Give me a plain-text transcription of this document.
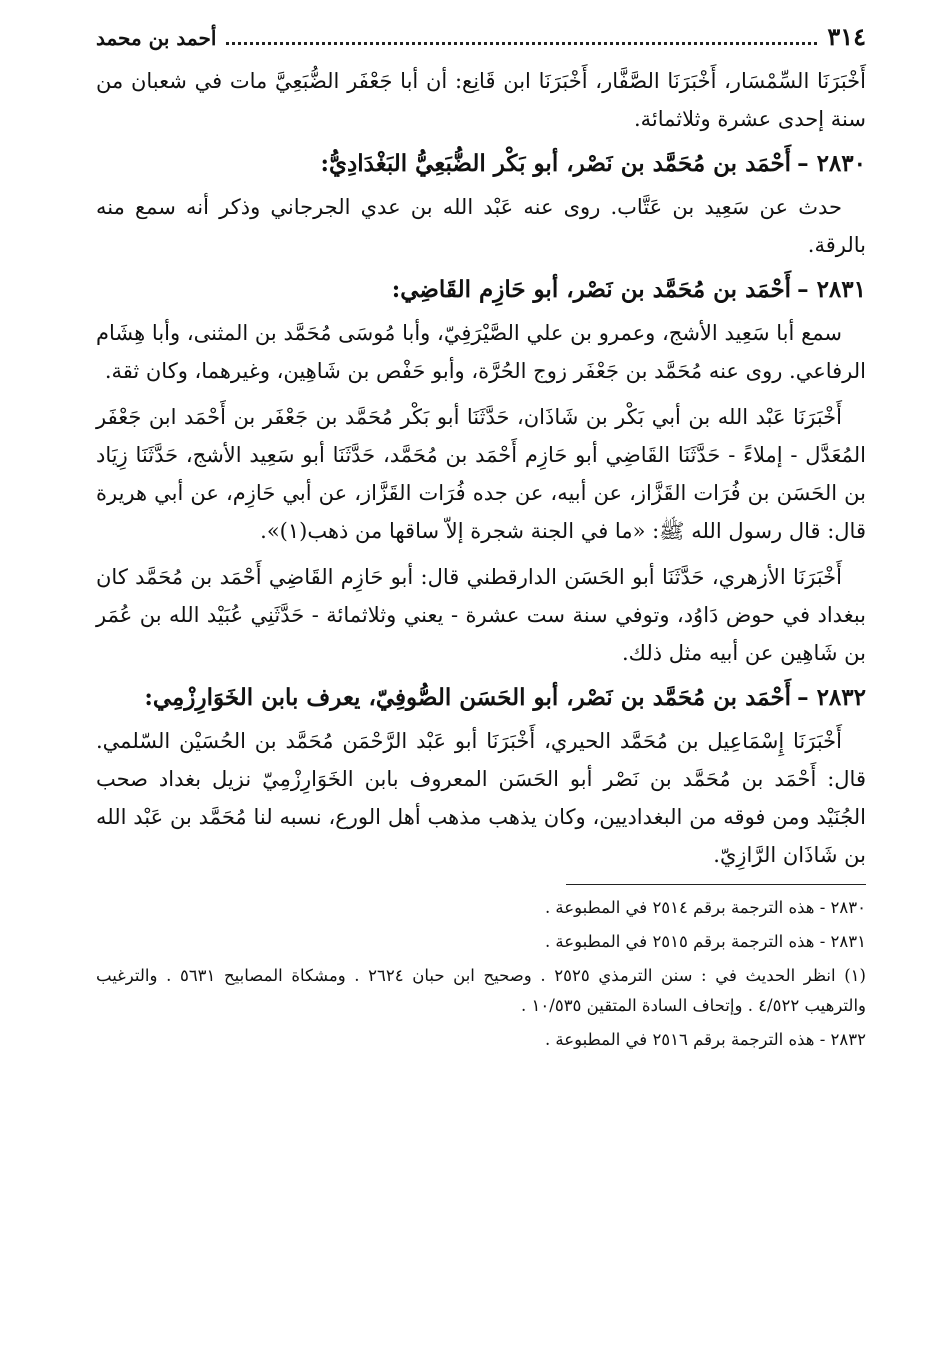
٣١٤
أحمد بن محمد

أَخْبَرَنَا السِّمْسَار، أَخْبَرَنَا الصَّفَّار، أَخْبَرَنَا ابن قَانِع: أن أبا جَعْفَر الضُّبَعِيَّ مات في شعبان من سنة إحدى عشرة وثلاثمائة.

٢٨٣٠ –أَحْمَد بن مُحَمَّد بن نَصْر، أبو بَكْر الضُّبَعِيُّ البَغْدَادِيُّ:

حدث عن سَعِيد بن عَتَّاب. روى عنه عَبْد الله بن عدي الجرجاني وذكر أنه سمع منه بالرقة.

٢٨٣١ –أَحْمَد بن مُحَمَّد بن نَصْر، أبو حَازِم القَاضِي:

سمع أبا سَعِيد الأشج، وعمرو بن علي الصَّيْرَفِيّ، وأبا مُوسَى مُحَمَّد بن المثنى، وأبا هِشَام الرفاعي. روى عنه مُحَمَّد بن جَعْفَر زوج الحُرَّة، وأبو حَفْص بن شَاهِين، وغيرهما، وكان ثقة.

أَخْبَرَنَا عَبْد الله بن أبي بَكْر بن شَاذَان، حَدَّثَنَا أبو بَكْر مُحَمَّد بن جَعْفَر بن أَحْمَد ابن جَعْفَر المُعَدَّل - إملاءً - حَدَّثَنَا القَاضِي أبو حَازِم أَحْمَد بن مُحَمَّد، حَدَّثَنَا أبو سَعِيد الأشج، حَدَّثَنَا زِيَاد بن الحَسَن بن فُرَات القَزَّاز، عن أبيه، عن جده فُرَات القَزَّاز، عن أبي حَازِم، عن أبي هريرة قال: قال رسول الله ﷺ: «ما في الجنة شجرة إلاّ ساقها من ذهب(١)».

أَخْبَرَنَا الأزهري، حَدَّثَنَا أبو الحَسَن الدارقطني قال: أبو حَازِم القَاضِي أَحْمَد بن مُحَمَّد كان ببغداد في حوض دَاوُد، وتوفي سنة ست عشرة - يعني وثلاثمائة - حَدَّثَنِي عُبَيْد الله بن عُمَر بن شَاهِين عن أبيه مثل ذلك.

٢٨٣٢ –أَحْمَد بن مُحَمَّد بن نَصْر، أبو الحَسَن الصُّوفِيّ، يعرف بابن الخَوَارِزْمِي:

أَخْبَرَنَا إِسْمَاعِيل بن مُحَمَّد الحيري، أَخْبَرَنَا أبو عَبْد الرَّحْمَن مُحَمَّد بن الحُسَيْن السّلمي. قال: أَحْمَد بن مُحَمَّد بن نَصْر أبو الحَسَن المعروف بابن الخَوَارِزْمِيّ نزيل بغداد صحب الجُنَيْد ومن فوقه من البغداديين، وكان يذهب مذهب أهل الورع، نسبه لنا مُحَمَّد بن عَبْد الله بن شَاذَان الرَّازِيّ.

٢٨٣٠ - هذه الترجمة برقم ٢٥١٤ في المطبوعة .
٢٨٣١ - هذه الترجمة برقم ٢٥١٥ في المطبوعة .
(١) انظر الحديث في : سنن الترمذي ٢٥٢٥ . وصحيح ابن حبان ٢٦٢٤ . ومشكاة المصابيح ٥٦٣١ . والترغيب والترهيب ٤/٥٢٢ . وإتحاف السادة المتقين ١٠/٥٣٥ .
٢٨٣٢ - هذه الترجمة برقم ٢٥١٦ في المطبوعة .
